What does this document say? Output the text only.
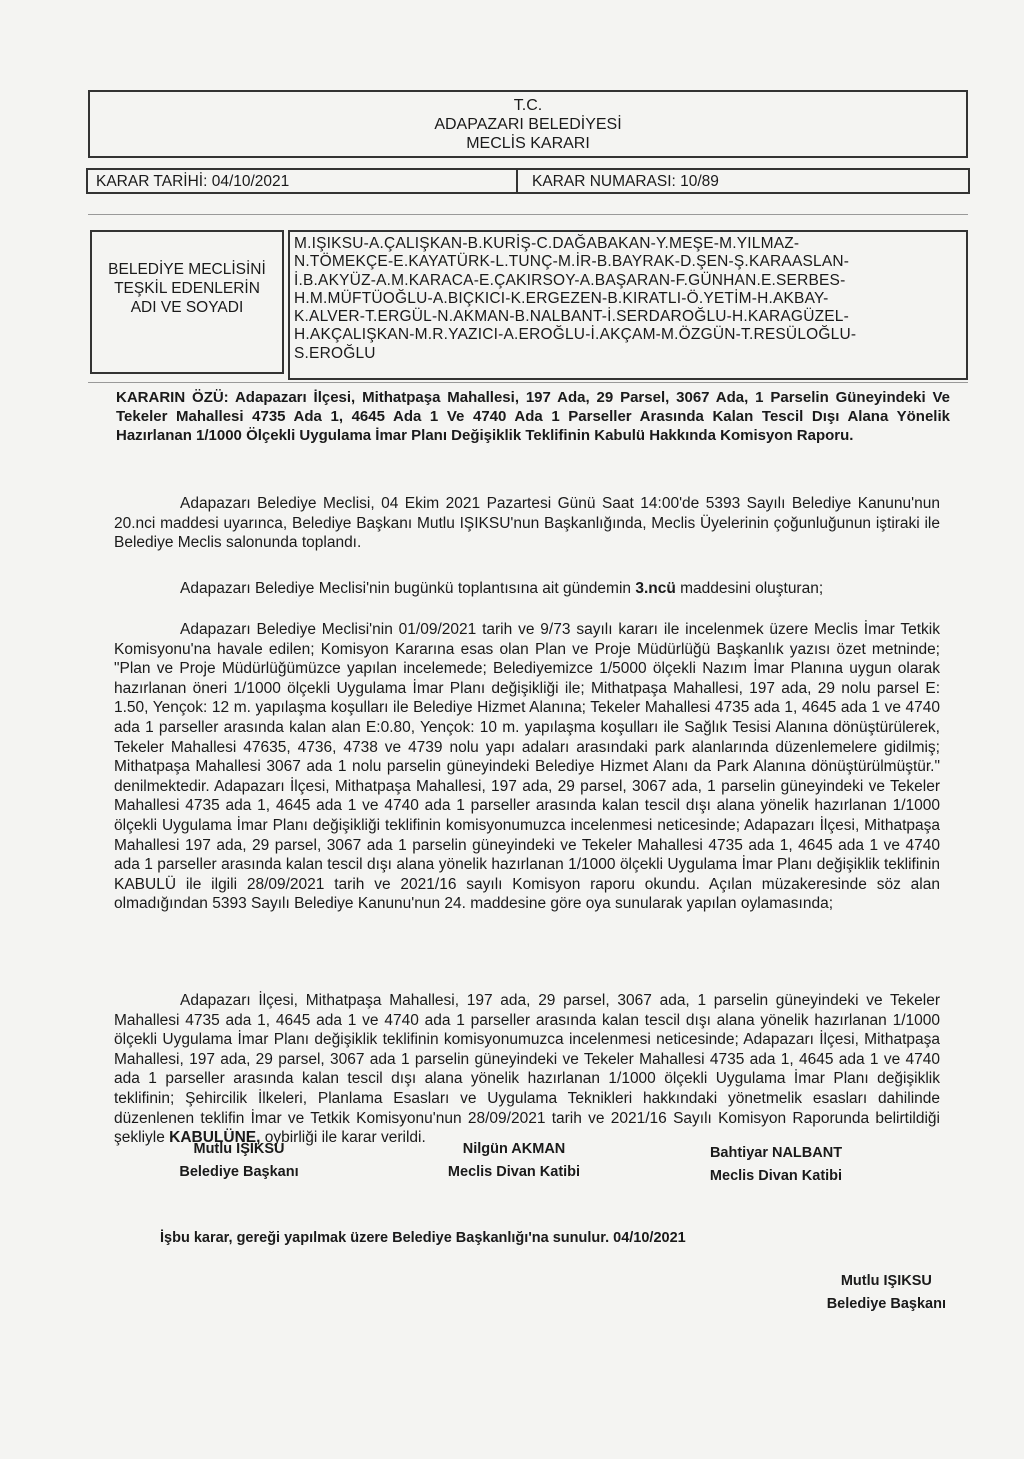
T.C.
ADAPAZARI BELEDİYESİ
MECLİS KARARI
KARAR TARİHİ: 04/10/2021	KARAR NUMARASI: 10/89
BELEDİYE MECLİSİNİ
TEŞKİL EDENLERİN
ADI VE SOYADI
M.IŞIKSU-A.ÇALIŞKAN-B.KURİŞ-C.DAĞABAKAN-Y.MEŞE-M.YILMAZ-
N.TÖMEKÇE-E.KAYATÜRK-L.TUNÇ-M.İR-B.BAYRAK-D.ŞEN-Ş.KARAASLAN-
İ.B.AKYÜZ-A.M.KARACA-E.ÇAKIRSOY-A.BAŞARAN-F.GÜNHAN.E.SERBES-
H.M.MÜFTÜOĞLU-A.BIÇKICI-K.ERGEZEN-B.KIRATLI-Ö.YETİM-H.AKBAY-
K.ALVER-T.ERGÜL-N.AKMAN-B.NALBANT-İ.SERDAROĞLU-H.KARAGÜZEL-
H.AKÇALIŞKAN-M.R.YAZICI-A.EROĞLU-İ.AKÇAM-M.ÖZGÜN-T.RESÜLOĞLU-
S.EROĞLU
KARARIN ÖZÜ: Adapazarı İlçesi, Mithatpaşa Mahallesi, 197 Ada, 29 Parsel, 3067 Ada, 1 Parselin Güneyindeki Ve Tekeler Mahallesi 4735 Ada 1, 4645 Ada 1 Ve 4740 Ada 1 Parseller Arasında Kalan Tescil Dışı Alana Yönelik Hazırlanan 1/1000 Ölçekli Uygulama İmar Planı Değişiklik Teklifinin Kabulü Hakkında Komisyon Raporu.
Adapazarı Belediye Meclisi, 04 Ekim 2021 Pazartesi Günü Saat 14:00'de 5393 Sayılı Belediye Kanunu'nun 20.nci maddesi uyarınca, Belediye Başkanı Mutlu IŞIKSU'nun Başkanlığında, Meclis Üyelerinin çoğunluğunun iştiraki ile Belediye Meclis salonunda toplandı.
Adapazarı Belediye Meclisi'nin bugünkü toplantısına ait gündemin 3.ncü maddesini oluşturan;
Adapazarı Belediye Meclisi'nin 01/09/2021 tarih ve 9/73 sayılı kararı ile incelenmek üzere Meclis İmar Tetkik Komisyonu'na havale edilen; Komisyon Kararına esas olan Plan ve Proje Müdürlüğü Başkanlık yazısı özet metninde; "Plan ve Proje Müdürlüğümüzce yapılan incelemede; Belediyemizce 1/5000 ölçekli Nazım İmar Planına uygun olarak hazırlanan öneri 1/1000 ölçekli Uygulama İmar Planı değişikliği ile; Mithatpaşa Mahallesi, 197 ada, 29 nolu parsel E: 1.50, Yençok: 12 m. yapılaşma koşulları ile Belediye Hizmet Alanına; Tekeler Mahallesi 4735 ada 1, 4645 ada 1 ve 4740 ada 1 parseller arasında kalan alan E:0.80, Yençok: 10 m. yapılaşma koşulları ile Sağlık Tesisi Alanına dönüştürülerek, Tekeler Mahallesi 47635, 4736, 4738 ve 4739 nolu yapı adaları arasındaki park alanlarında düzenlemelere gidilmiş; Mithatpaşa Mahallesi 3067 ada 1 nolu parselin güneyindeki Belediye Hizmet Alanı da Park Alanına dönüştürülmüştür." denilmektedir. Adapazarı İlçesi, Mithatpaşa Mahallesi, 197 ada, 29 parsel, 3067 ada, 1 parselin güneyindeki ve Tekeler Mahallesi 4735 ada 1, 4645 ada 1 ve 4740 ada 1 parseller arasında kalan tescil dışı alana yönelik hazırlanan 1/1000 ölçekli Uygulama İmar Planı değişikliği teklifinin komisyonumuzca incelenmesi neticesinde; Adapazarı İlçesi, Mithatpaşa Mahallesi 197 ada, 29 parsel, 3067 ada 1 parselin güneyindeki ve Tekeler Mahallesi 4735 ada 1, 4645 ada 1 ve 4740 ada 1 parseller arasında kalan tescil dışı alana yönelik hazırlanan 1/1000 ölçekli Uygulama İmar Planı değişiklik teklifinin KABULÜ ile ilgili 28/09/2021 tarih ve 2021/16 sayılı Komisyon raporu okundu. Açılan müzakeresinde söz alan olmadığından 5393 Sayılı Belediye Kanunu'nun 24. maddesine göre oya sunularak yapılan oylamasında;
Adapazarı İlçesi, Mithatpaşa Mahallesi, 197 ada, 29 parsel, 3067 ada, 1 parselin güneyindeki ve Tekeler Mahallesi 4735 ada 1, 4645 ada 1 ve 4740 ada 1 parseller arasında kalan tescil dışı alana yönelik hazırlanan 1/1000 ölçekli Uygulama İmar Planı değişiklik teklifinin komisyonumuzca incelenmesi neticesinde; Adapazarı İlçesi, Mithatpaşa Mahallesi, 197 ada, 29 parsel, 3067 ada 1 parselin güneyindeki ve Tekeler Mahallesi 4735 ada 1, 4645 ada 1 ve 4740 ada 1 parseller arasında kalan tescil dışı alana yönelik hazırlanan 1/1000 ölçekli Uygulama İmar Planı değişiklik teklifinin; Şehircilik İlkeleri, Planlama Esasları ve Uygulama Teknikleri hakkındaki yönetmelik esasları dahilinde düzenlenen teklifin İmar ve Tetkik Komisyonu'nun 28/09/2021 tarih ve 2021/16 Sayılı Komisyon Raporunda belirtildiği şekliyle KABULÜNE, oybirliği ile karar verildi.
Mutlu IŞIKSU
Belediye Başkanı
Nilgün AKMAN
Meclis Divan Katibi
Bahtiyar NALBANT
Meclis Divan Katibi
İşbu karar, gereği yapılmak üzere Belediye Başkanlığı'na sunulur. 04/10/2021
Mutlu IŞIKSU
Belediye Başkanı
